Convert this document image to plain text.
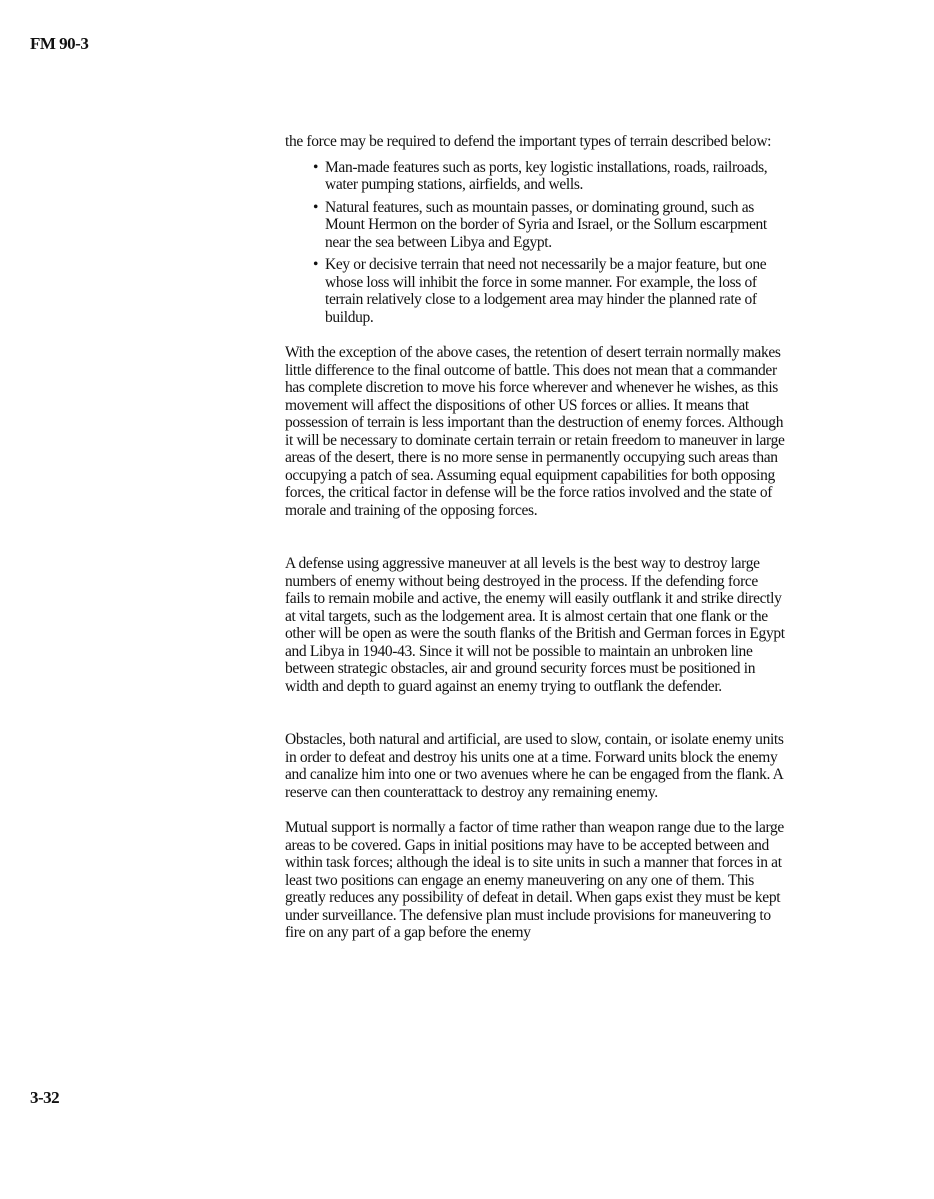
FM 90-3

the force may be required to defend the important types of terrain described below:

• Man-made features such as ports, key logistic installations, roads, railroads, water pumping stations, airfields, and wells.
• Natural features, such as mountain passes, or dominating ground, such as Mount Hermon on the border of Syria and Israel, or the Sollum escarpment near the sea between Libya and Egypt.
• Key or decisive terrain that need not necessarily be a major feature, but one whose loss will inhibit the force in some manner. For example, the loss of terrain relatively close to a lodgement area may hinder the planned rate of buildup.

With the exception of the above cases, the retention of desert terrain normally makes little difference to the final outcome of battle. This does not mean that a commander has complete discretion to move his force wherever and whenever he wishes, as this movement will affect the dispositions of other US forces or allies. It means that possession of terrain is less important than the destruction of enemy forces. Although it will be necessary to dominate certain terrain or retain freedom to maneuver in large areas of the desert, there is no more sense in permanently occupying such areas than occupying a patch of sea. Assuming equal equipment capabilities for both opposing forces, the critical factor in defense will be the force ratios involved and the state of morale and training of the opposing forces.

A defense using aggressive maneuver at all levels is the best way to destroy large numbers of enemy without being destroyed in the process. If the defending force fails to remain mobile and active, the enemy will easily outflank it and strike directly at vital targets, such as the lodgement area. It is almost certain that one flank or the other will be open as were the south flanks of the British and German forces in Egypt and Libya in 1940-43. Since it will not be possible to maintain an unbroken line between strategic obstacles, air and ground security forces must be positioned in width and depth to guard against an enemy trying to outflank the defender.

Obstacles, both natural and artificial, are used to slow, contain, or isolate enemy units in order to defeat and destroy his units one at a time. Forward units block the enemy and canalize him into one or two avenues where he can be engaged from the flank. A reserve can then counterattack to destroy any remaining enemy.

Mutual support is normally a factor of time rather than weapon range due to the large areas to be covered. Gaps in initial positions may have to be accepted between and within task forces; although the ideal is to site units in such a manner that forces in at least two positions can engage an enemy maneuvering on any one of them. This greatly reduces any possibility of defeat in detail. When gaps exist they must be kept under surveillance. The defensive plan must include provisions for maneuvering to fire on any part of a gap before the enemy

3-32
